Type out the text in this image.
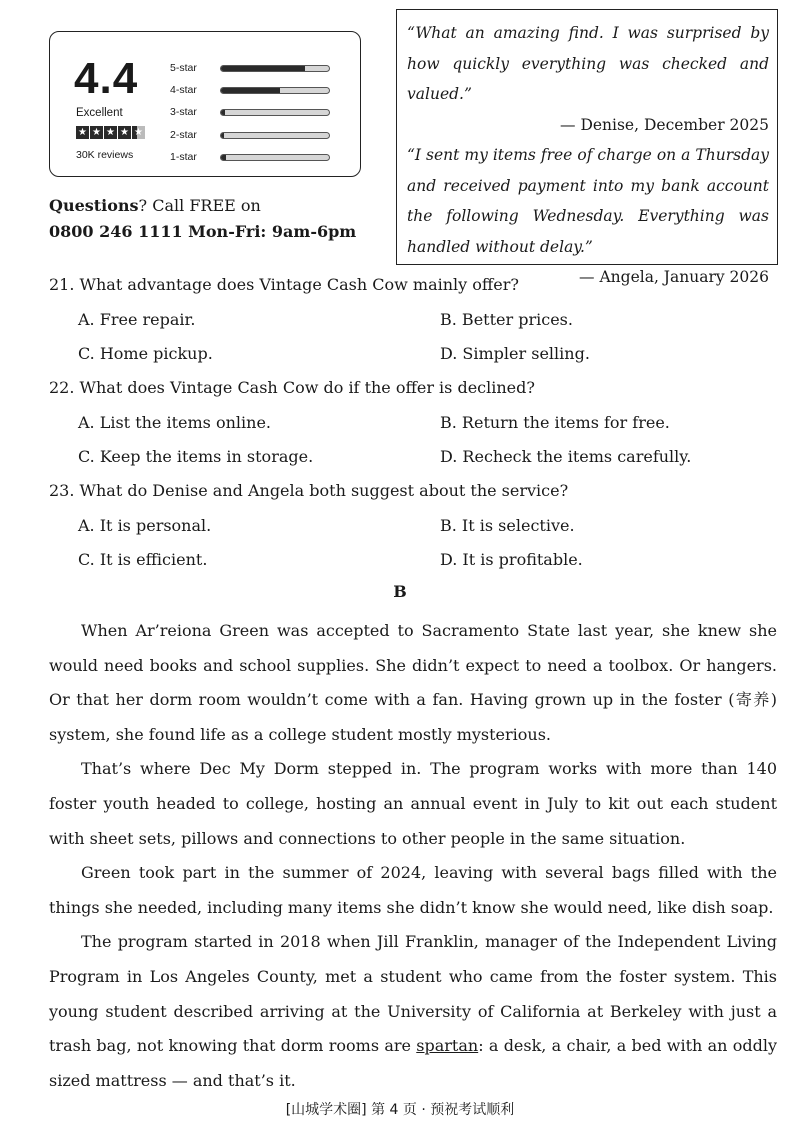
4.4
Excellent
★ ★ ★ ★ ★
30K reviews
5-star
4-star
3-star
2-star
1-star
Questions? Call FREE on
0800 246 1111 Mon-Fri: 9am-6pm

“What an amazing find. I was surprised by how quickly everything was checked and valued.”

— Denise, December 2025

“I sent my items free of charge on a Thursday and received payment into my bank account the following Wednesday. Everything was handled without delay.”

— Angela, January 2026

21. What advantage does Vintage Cash Cow mainly offer?
A. Free repair.	B. Better prices.
C. Home pickup.	D. Simpler selling.
22. What does Vintage Cash Cow do if the offer is declined?
A. List the items online.	B. Return the items for free.
C. Keep the items in storage.	D. Recheck the items carefully.
23. What do Denise and Angela both suggest about the service?
A. It is personal.	B. It is selective.
C. It is efficient.	D. It is profitable.
B

When Ar’reiona Green was accepted to Sacramento State last year, she knew she would need books and school supplies. She didn’t expect to need a toolbox. Or hangers. Or that her dorm room wouldn’t come with a fan. Having grown up in the foster (寄养) system, she found life as a college student mostly mysterious.

That’s where Dec My Dorm stepped in. The program works with more than 140 foster youth headed to college, hosting an annual event in July to kit out each student with sheet sets, pillows and connections to other people in the same situation.

Green took part in the summer of 2024, leaving with several bags filled with the things she needed, including many items she didn’t know she would need, like dish soap.

The program started in 2018 when Jill Franklin, manager of the Independent Living Program in Los Angeles County, met a student who came from the foster system. This young student described arriving at the University of California at Berkeley with just a trash bag, not knowing that dorm rooms are spartan: a desk, a chair, a bed with an oddly sized mattress — and that’s it.

[山城学术圈] 第 4 页 · 预祝考试顺利
